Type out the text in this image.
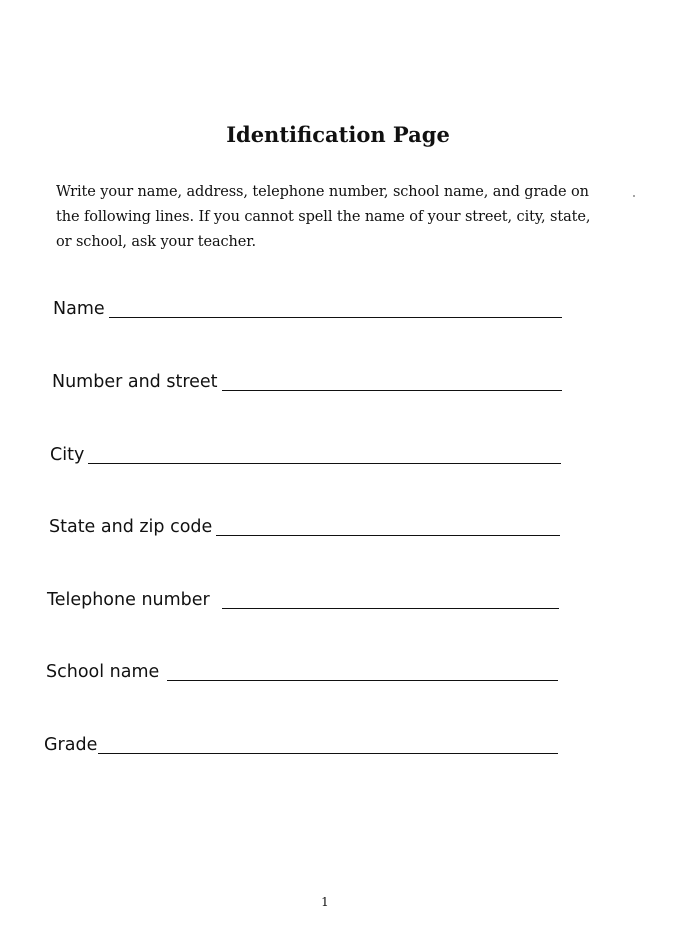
Identification Page

Write your name, address, telephone number, school name, and grade on the following lines. If you cannot spell the name of your street, city, state, or school, ask your teacher.

Name
Number and street
City
State and zip code
Telephone number
School name
Grade
1
